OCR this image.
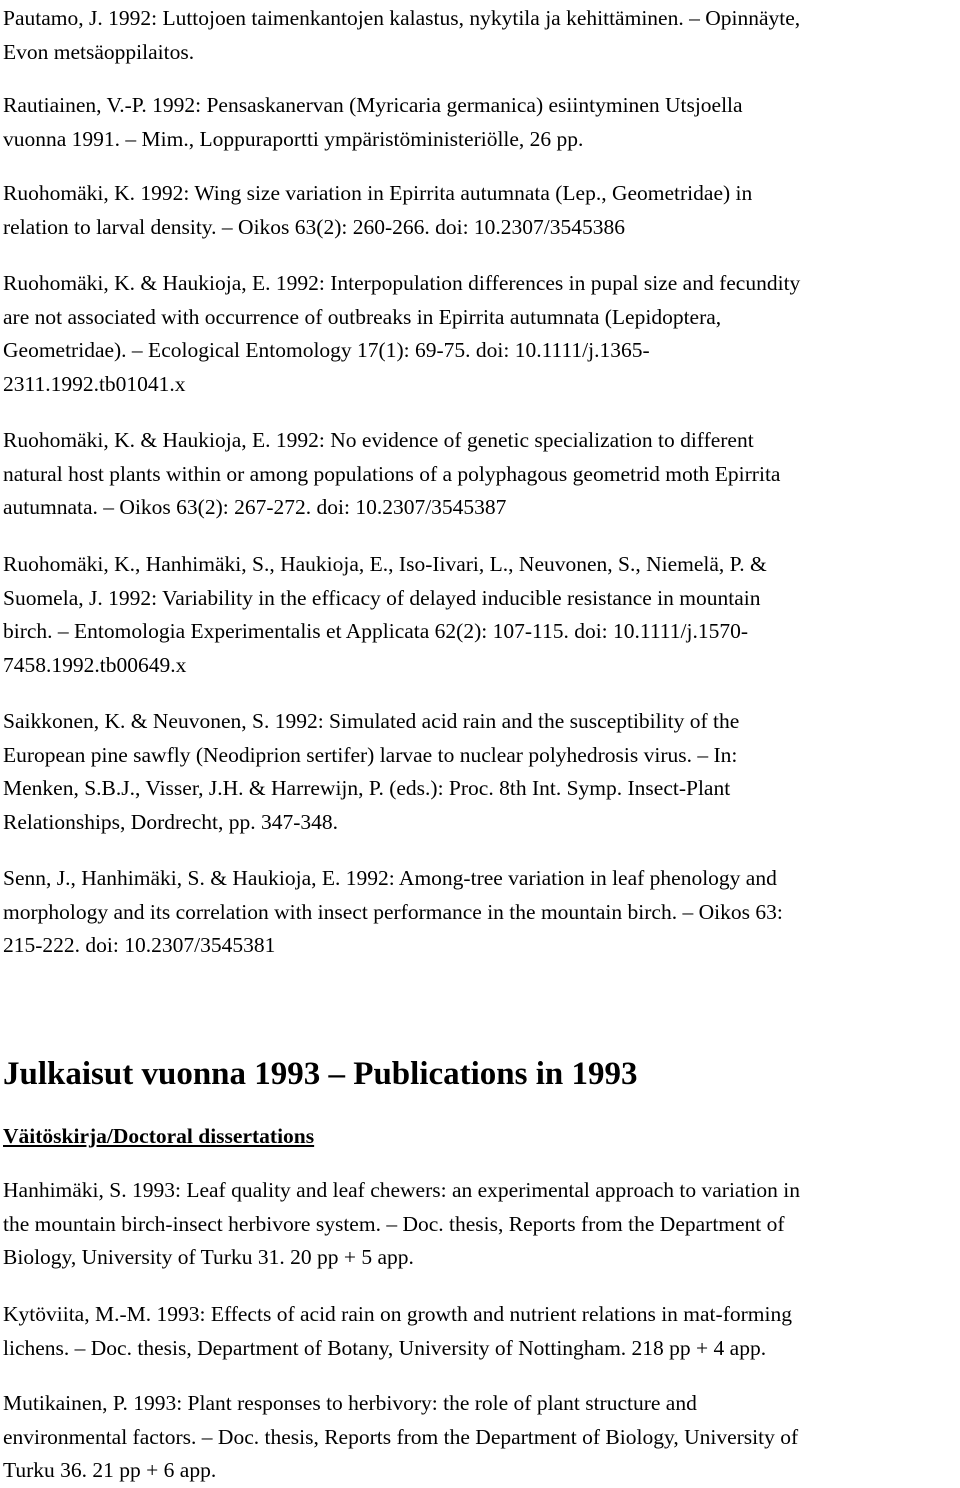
Pautamo, J. 1992: Luttojoen taimenkantojen kalastus, nykytila ja kehittäminen. – Opinnäyte,
Evon metsäoppilaitos.

Rautiainen, V.-P. 1992: Pensaskanervan (Myricaria germanica) esiintyminen Utsjoella
vuonna 1991. – Mim., Loppuraportti ympäristöministeriölle, 26 pp.

Ruohomäki, K. 1992: Wing size variation in Epirrita autumnata (Lep., Geometridae) in
relation to larval density. – Oikos 63(2): 260-266. doi: 10.2307/3545386

Ruohomäki, K. & Haukioja, E. 1992: Interpopulation differences in pupal size and fecundity
are not associated with occurrence of outbreaks in Epirrita autumnata (Lepidoptera,
Geometridae). – Ecological Entomology 17(1): 69-75. doi: 10.1111/j.1365-
2311.1992.tb01041.x

Ruohomäki, K. & Haukioja, E. 1992: No evidence of genetic specialization to different
natural host plants within or among populations of a polyphagous geometrid moth Epirrita
autumnata. – Oikos 63(2): 267-272. doi: 10.2307/3545387

Ruohomäki, K., Hanhimäki, S., Haukioja, E., Iso-Iivari, L., Neuvonen, S., Niemelä, P. &
Suomela, J. 1992: Variability in the efficacy of delayed inducible resistance in mountain
birch. – Entomologia Experimentalis et Applicata 62(2): 107-115. doi: 10.1111/j.1570-
7458.1992.tb00649.x

Saikkonen, K. & Neuvonen, S. 1992: Simulated acid rain and the susceptibility of the
European pine sawfly (Neodiprion sertifer) larvae to nuclear polyhedrosis virus. – In:
Menken, S.B.J., Visser, J.H. & Harrewijn, P. (eds.): Proc. 8th Int. Symp. Insect-Plant
Relationships, Dordrecht, pp. 347-348.

Senn, J., Hanhimäki, S. & Haukioja, E. 1992: Among-tree variation in leaf phenology and
morphology and its correlation with insect performance in the mountain birch. – Oikos 63:
215-222. doi: 10.2307/3545381

Julkaisut vuonna 1993 – Publications in 1993
Väitöskirja/Doctoral dissertations

Hanhimäki, S. 1993: Leaf quality and leaf chewers: an experimental approach to variation in
the mountain birch-insect herbivore system. – Doc. thesis, Reports from the Department of
Biology, University of Turku 31. 20 pp + 5 app.

Kytöviita, M.-M. 1993: Effects of acid rain on growth and nutrient relations in mat-forming
lichens. – Doc. thesis, Department of Botany, University of Nottingham. 218 pp + 4 app.

Mutikainen, P. 1993: Plant responses to herbivory: the role of plant structure and
environmental factors. – Doc. thesis, Reports from the Department of Biology, University of
Turku 36. 21 pp + 6 app.
